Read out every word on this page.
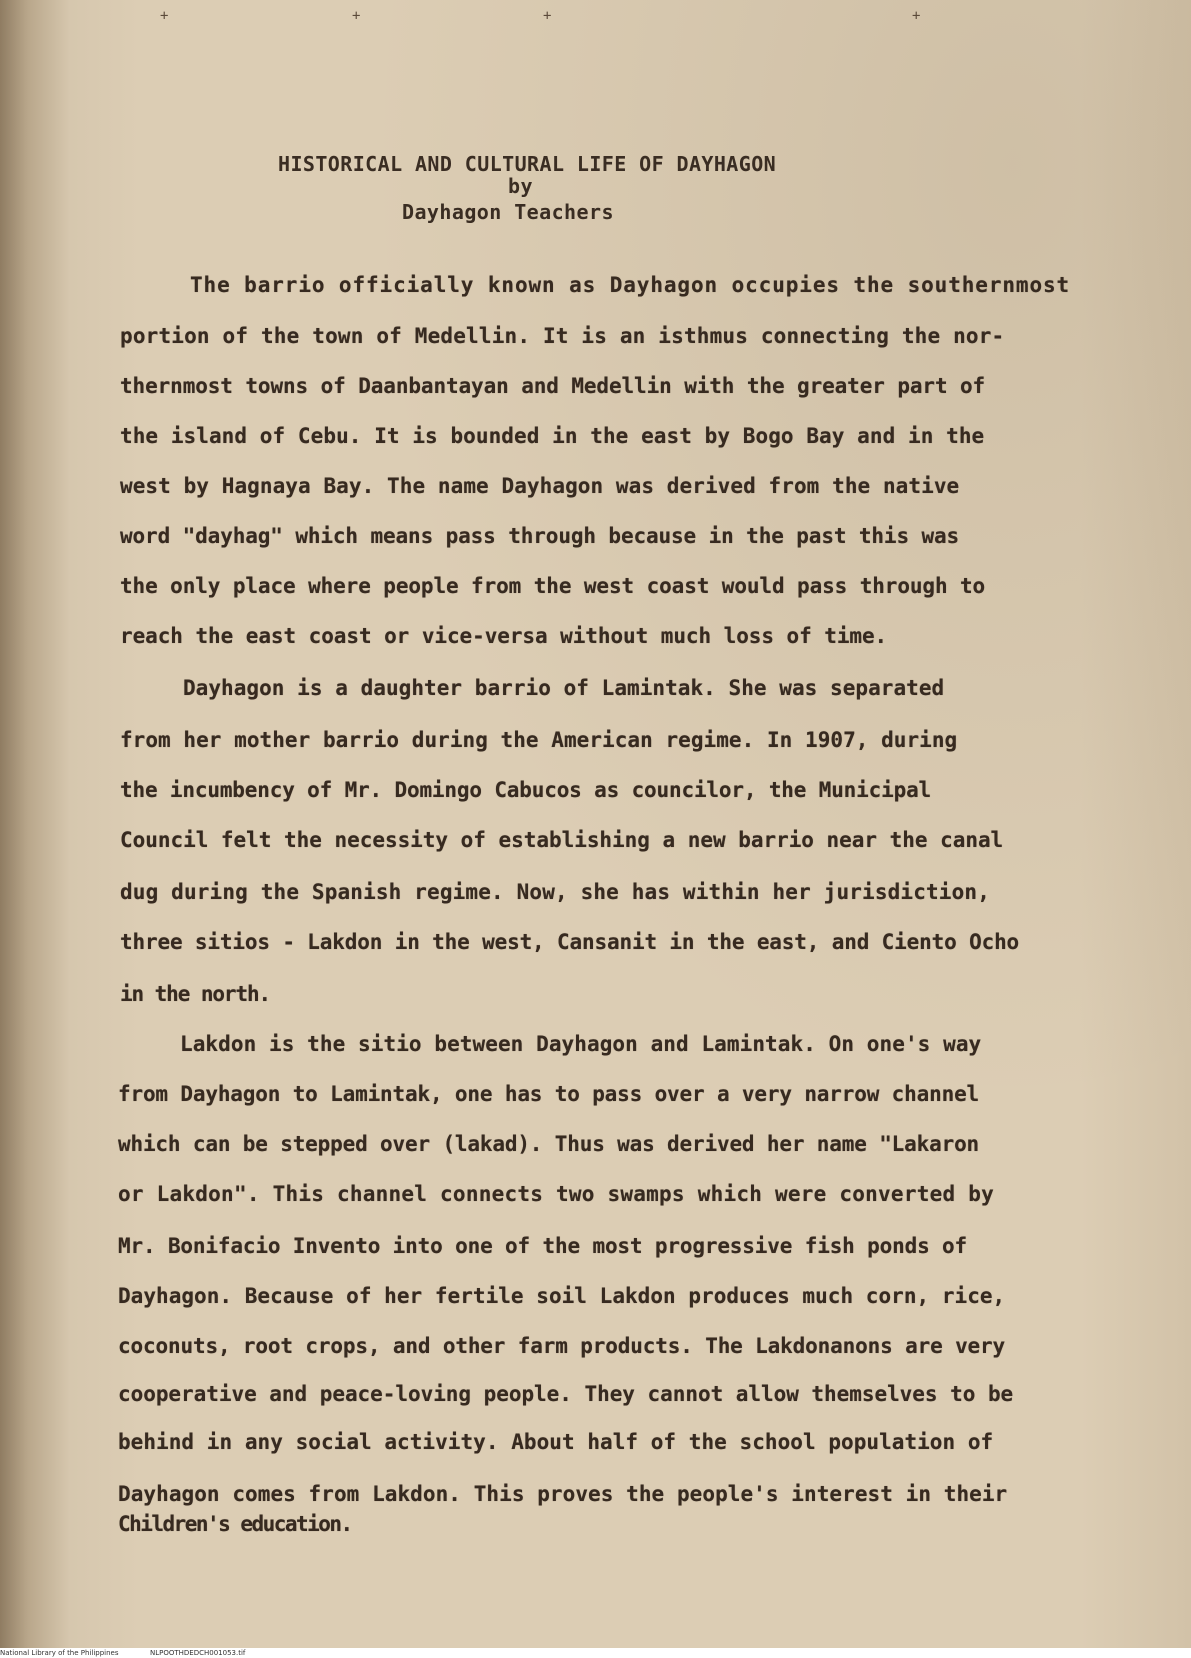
+	+	+	+
HISTORICAL AND CULTURAL LIFE OF DAYHAGON
by
Dayhagon Teachers
The barrio officially known as Dayhagon occupies the southernmost
portion of the town of Medellin. It is an isthmus connecting the nor-
thernmost towns of Daanbantayan and Medellin with the greater part of
the island of Cebu. It is bounded in the east by Bogo Bay and in the
west by Hagnaya Bay. The name Dayhagon was derived from the native
word "dayhag" which means pass through because in the past this was
the only place where people from the west coast would pass through to
reach the east coast or vice-versa without much loss of time.
Dayhagon is a daughter barrio of Lamintak. She was separated
from her mother barrio during the American regime. In 1907, during
the incumbency of Mr. Domingo Cabucos as councilor, the Municipal
Council felt the necessity of establishing a new barrio near the canal
dug during the Spanish regime. Now, she has within her jurisdiction,
three sitios - Lakdon in the west, Cansanit in the east, and Ciento Ocho
in the north.
Lakdon is the sitio between Dayhagon and Lamintak. On one's way
from Dayhagon to Lamintak, one has to pass over a very narrow channel
which can be stepped over (lakad). Thus was derived her name "Lakaron
or Lakdon". This channel connects two swamps which were converted by
Mr. Bonifacio Invento into one of the most progressive fish ponds of
Dayhagon. Because of her fertile soil Lakdon produces much corn, rice,
coconuts, root crops, and other farm products. The Lakdonanons are very
cooperative and peace-loving people. They cannot allow themselves to be
behind in any social activity. About half of the school population of
Dayhagon comes from Lakdon. This proves the people's interest in their
Children's education.
National Library of the Philippines	NLPOOTHDEDCH001053.tif
